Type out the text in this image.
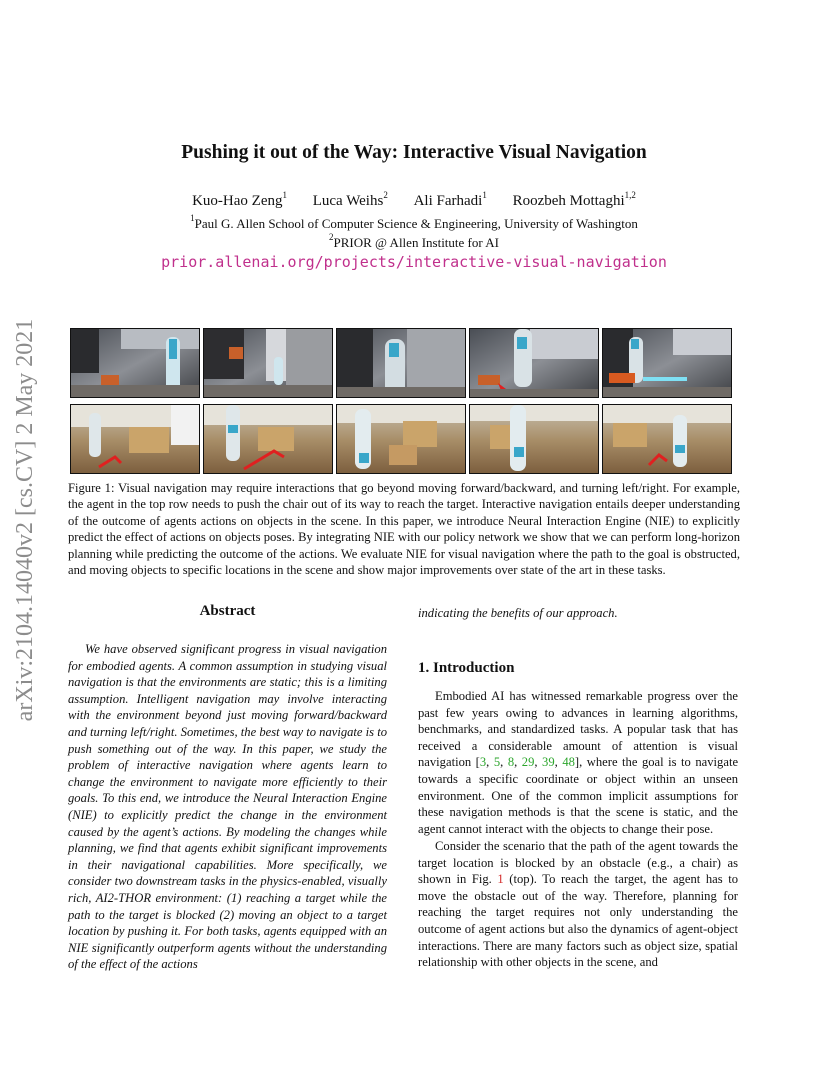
Pushing it out of the Way: Interactive Visual Navigation
Kuo-Hao Zeng$^1$ Luca Weihs$^2$ Ali Farhadi$^1$ Roozbeh Mottaghi$^{1,2}$
$^1$Paul G. Allen School of Computer Science & Engineering, University of Washington
$^2$PRIOR @ Allen Institute for AI
prior.allenai.org/projects/interactive-visual-navigation
arXiv:2104.14040v2 [cs.CV] 2 May 2021 Figure 1: Visual navigation may require interactions that go beyond moving forward/backward, and turning left/right. For example, the agent in the top row needs to push the chair out of its way to reach the target. Interactive navigation entails deeper understanding of the outcome of agents actions on objects in the scene. In this paper, we introduce Neural Interaction Engine (NIE) to explicitly predict the effect of actions on objects poses. By integrating NIE with our policy network we show that we can perform long-horizon planning while predicting the outcome of the actions. We evaluate NIE for visual navigation where the path to the goal is obstructed, and moving objects to specific locations in the scene and show major improvements over state of the art in these tasks.
Abstract
We have observed significant progress in visual navigation for embodied agents. A common assumption in studying visual navigation is that the environments are static; this is a limiting assumption. Intelligent navigation may involve interacting with the environment beyond just moving forward/backward and turning left/right. Sometimes, the best way to navigate is to push something out of the way. In this paper, we study the problem of interactive navigation where agents learn to change the environment to navigate more efficiently to their goals. To this end, we introduce the Neural Interaction Engine (NIE) to explicitly predict the change in the environment caused by the agent’s actions. By modeling the changes while planning, we find that agents exhibit significant improvements in their navigational capabilities. More specifically, we consider two downstream tasks in the physics-enabled, visually rich, AI2-THOR environment: (1) reaching a target while the path to the target is blocked (2) moving an object to a target location by pushing it. For both tasks, agents equipped with an NIE significantly outperform agents without the understanding of the effect of the actions
indicating the benefits of our approach.
1. Introduction
Embodied AI has witnessed remarkable progress over the past few years owing to advances in learning algorithms, benchmarks, and standardized tasks. A popular task that has received a considerable amount of attention is visual navigation [3, 5, 8, 29, 39, 48], where the goal is to navigate towards a specific coordinate or object within an unseen environment. One of the common implicit assumptions for these navigation methods is that the scene is static, and the agent cannot interact with the objects to change their pose.
Consider the scenario that the path of the agent towards the target location is blocked by an obstacle (e.g., a chair) as shown in Fig. 1 (top). To reach the target, the agent has to move the obstacle out of the way. Therefore, planning for reaching the target requires not only understanding the outcome of agent actions but also the dynamics of agent-object interactions. There are many factors such as object size, spatial relationship with other objects in the scene, and
